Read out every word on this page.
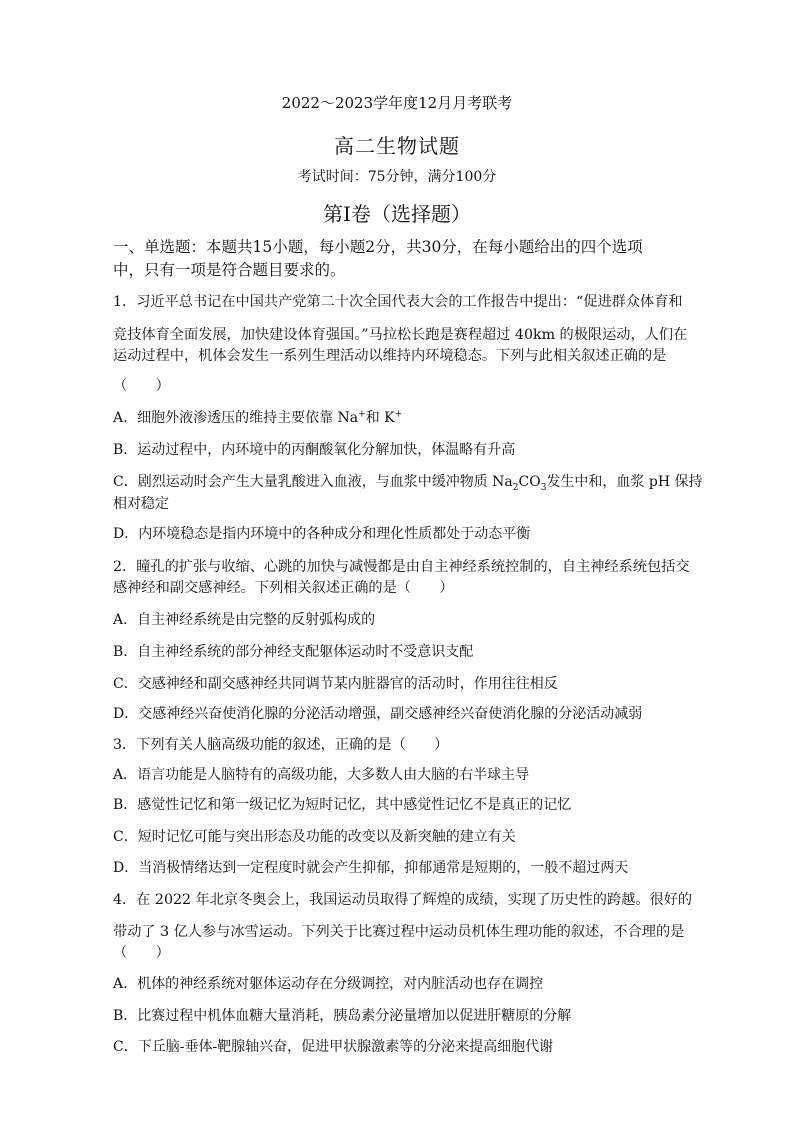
2022～2023学年度12月月考联考
高二生物试题
考试时间：75分钟，满分100分
第Ⅰ卷（选择题）
一、单选题：本题共15小题，每小题2分，共30分，在每小题给出的四个选项
中，只有一项是符合题目要求的。
1．习近平总书记在中国共产党第二十次全国代表大会的工作报告中提出：“促进群众体育和
竞技体育全面发展，加快建设体育强国。”马拉松长跑是赛程超过 40km 的极限运动，人们在
运动过程中，机体会发生一系列生理活动以维持内环境稳态。下列与此相关叙述正确的是
（　　）
A．细胞外液渗透压的维持主要依靠 Na+和 K+
B．运动过程中，内环境中的丙酮酸氧化分解加快，体温略有升高
C．剧烈运动时会产生大量乳酸进入血液，与血浆中缓冲物质 $Na_2CO_3$发生中和，血浆 pH 保持
相对稳定
D．内环境稳态是指内环境中的各种成分和理化性质都处于动态平衡
2．瞳孔的扩张与收缩、心跳的加快与减慢都是由自主神经系统控制的，自主神经系统包括交
感神经和副交感神经。下列相关叙述正确的是（　　）
A．自主神经系统是由完整的反射弧构成的
B．自主神经系统的部分神经支配躯体运动时不受意识支配
C．交感神经和副交感神经共同调节某内脏器官的活动时，作用往往相反
D．交感神经兴奋使消化腺的分泌活动增强，副交感神经兴奋使消化腺的分泌活动减弱
3．下列有关人脑高级功能的叙述，正确的是（　　）
A．语言功能是人脑特有的高级功能，大多数人由大脑的右半球主导
B．感觉性记忆和第一级记忆为短时记忆，其中感觉性记忆不是真正的记忆
C．短时记忆可能与突出形态及功能的改变以及新突触的建立有关
D．当消极情绪达到一定程度时就会产生抑郁，抑郁通常是短期的，一般不超过两天
4．在 2022 年北京冬奥会上，我国运动员取得了辉煌的成绩，实现了历史性的跨越。很好的
带动了 3 亿人参与冰雪运动。下列关于比赛过程中运动员机体生理功能的叙述，不合理的是
（　　）
A．机体的神经系统对躯体运动存在分级调控，对内脏活动也存在调控
B．比赛过程中机体血糖大量消耗，胰岛素分泌量增加以促进肝糖原的分解
C．下丘脑-垂体-靶腺轴兴奋，促进甲状腺激素等的分泌来提高细胞代谢
